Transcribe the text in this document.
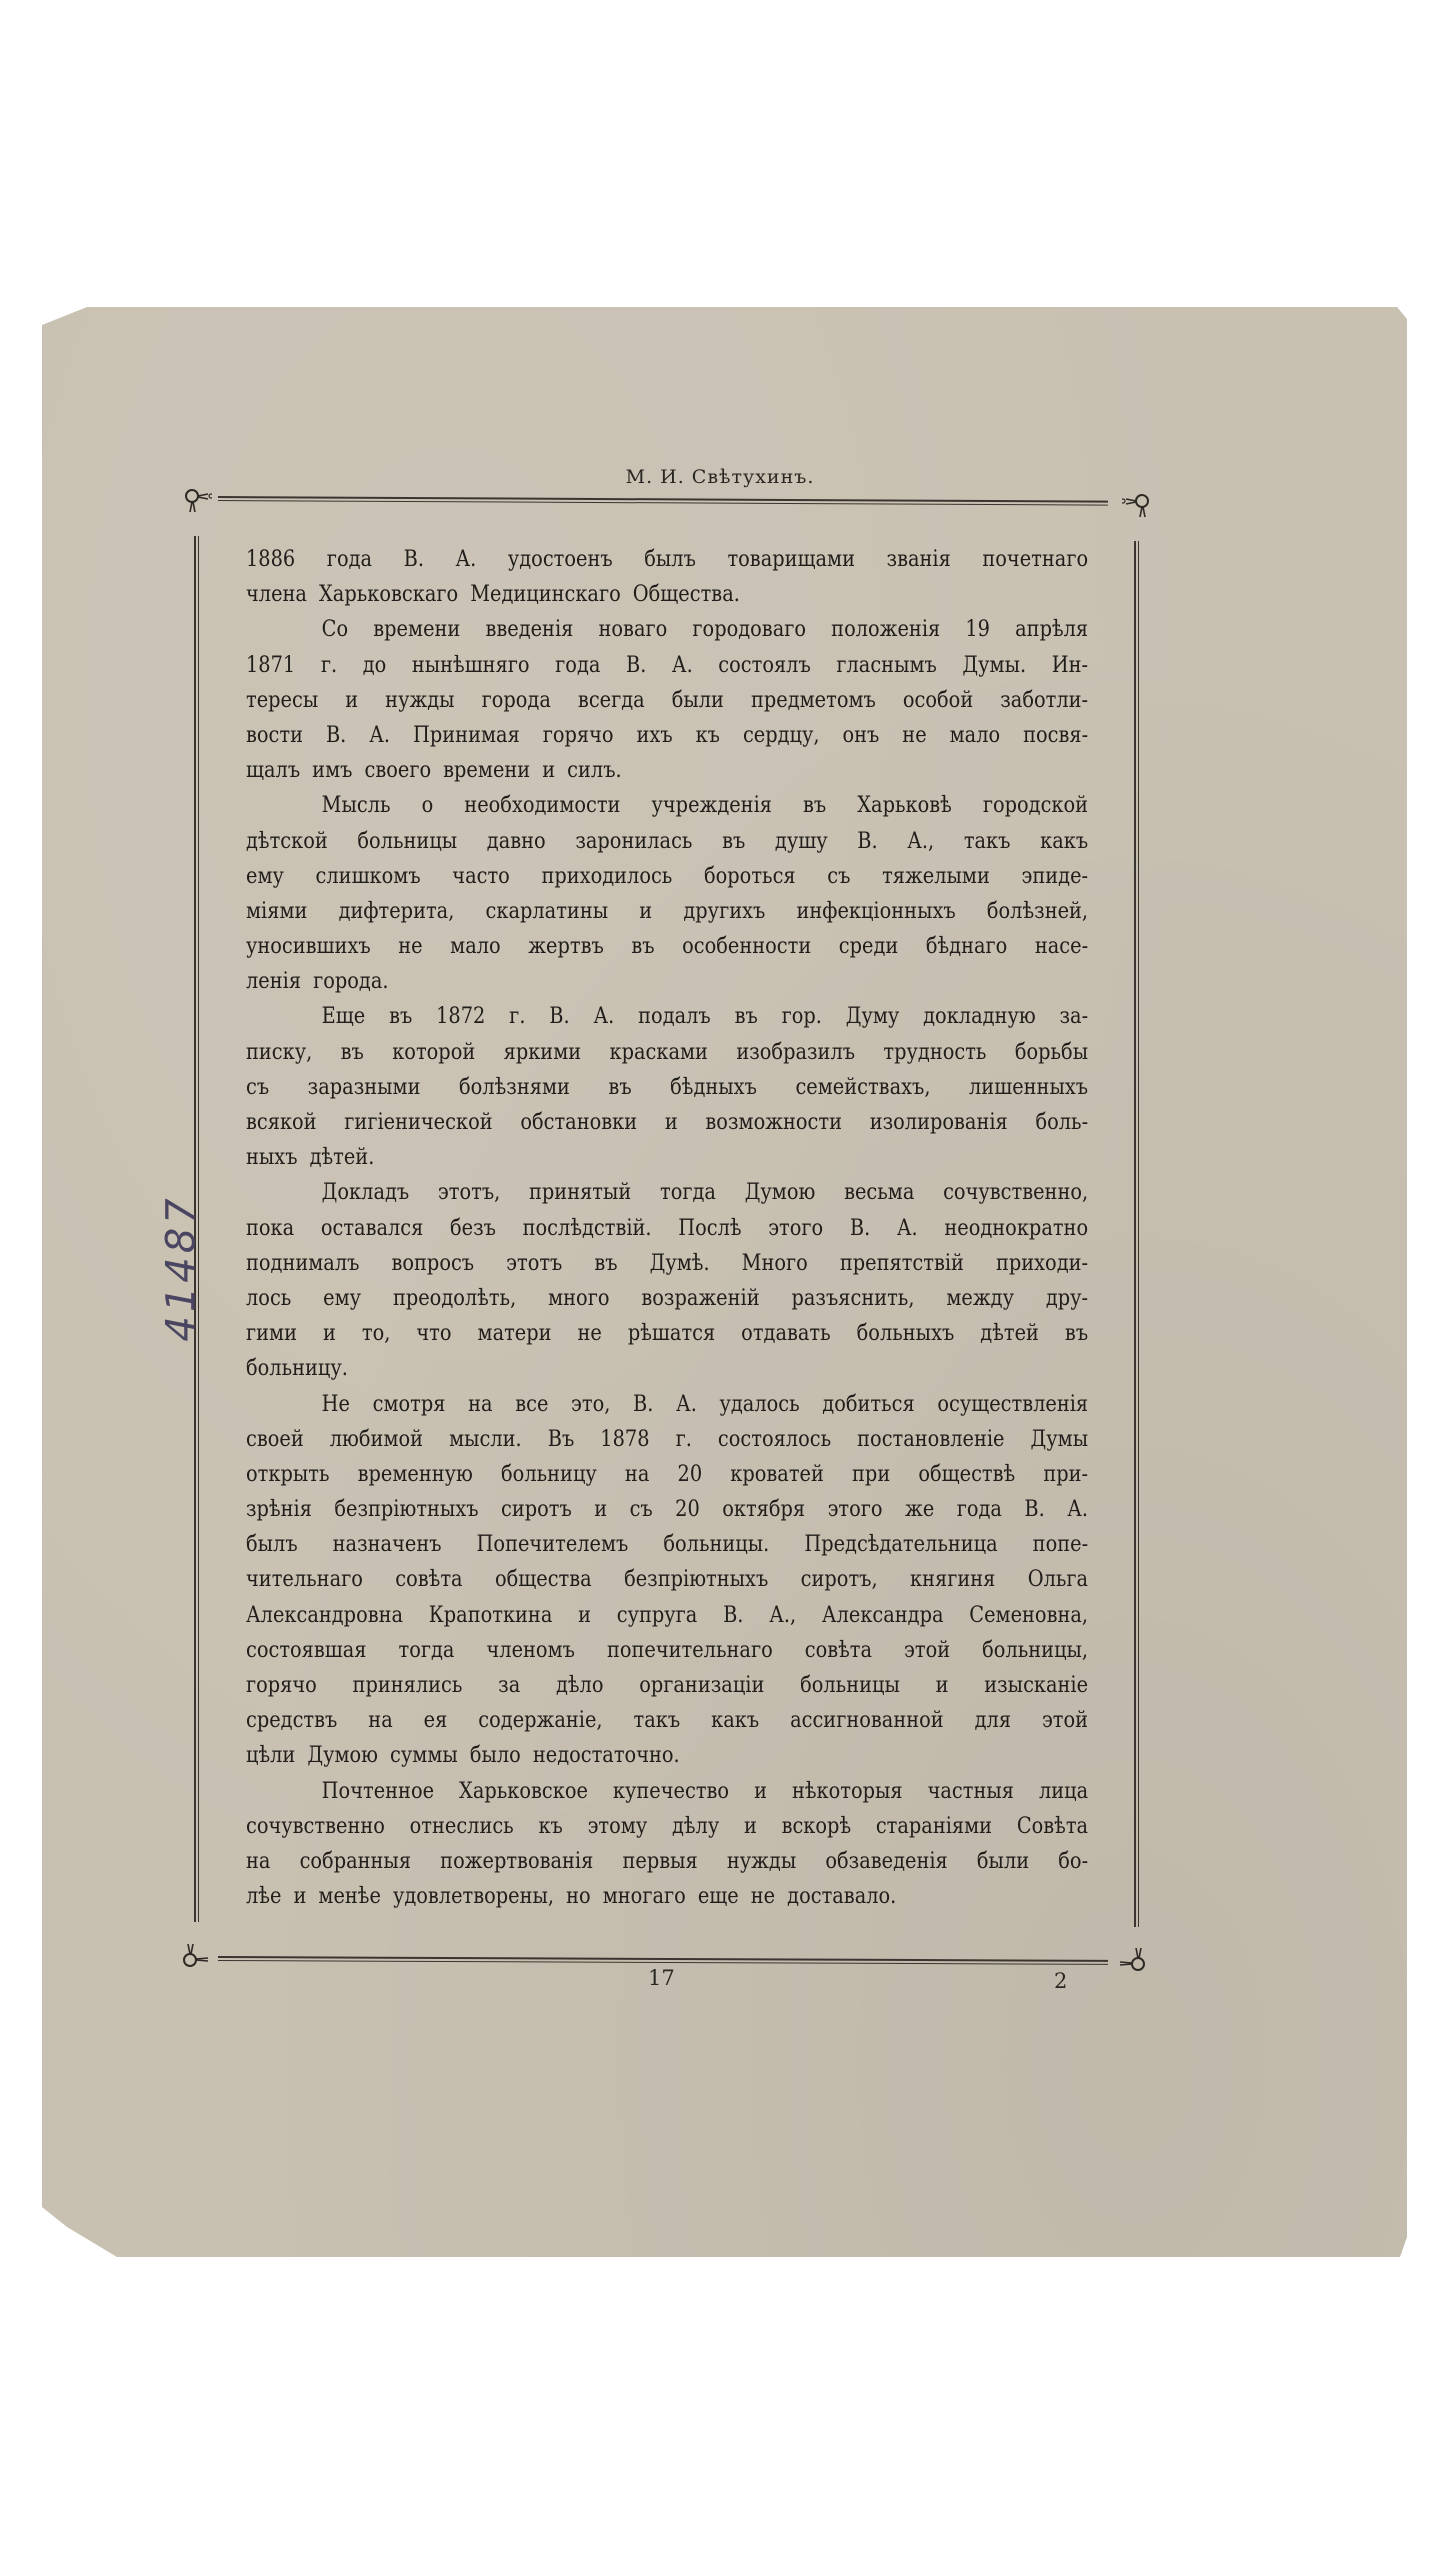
М. И. Свѣтухинъ.
1886 года В. А. удостоенъ былъ товарищами званія почетнаго
члена Харьковскаго Медицинскаго Общества.
Со времени введенія новаго городоваго положенія 19 апрѣля
1871 г. до нынѣшняго года В. А. состоялъ гласнымъ Думы. Ин-
тересы и нужды города всегда были предметомъ особой заботли-
вости В. А. Принимая горячо ихъ къ сердцу, онъ не мало посвя-
щалъ имъ своего времени и силъ.
Мысль о необходимости учрежденія въ Харьковѣ городской
дѣтской больницы давно заронилась въ душу В. А., такъ какъ
ему слишкомъ часто приходилось бороться съ тяжелыми эпиде-
міями дифтерита, скарлатины и другихъ инфекціонныхъ болѣзней,
уносившихъ не мало жертвъ въ особенности среди бѣднаго насе-
ленія города.
Еще въ 1872 г. В. А. подалъ въ гор. Думу докладную за-
писку, въ которой яркими красками изобразилъ трудность борьбы
съ заразными болѣзнями въ бѣдныхъ семействахъ, лишенныхъ
всякой гигіенической обстановки и возможности изолированія боль-
ныхъ дѣтей.
Докладъ этотъ, принятый тогда Думою весьма сочувственно,
пока оставался безъ послѣдствій. Послѣ этого В. А. неоднократно
поднималъ вопросъ этотъ въ Думѣ. Много препятствій приходи-
лось ему преодолѣть, много возраженій разъяснить, между дру-
гими и то, что матери не рѣшатся отдавать больныхъ дѣтей въ
больницу.
Не смотря на все это, В. А. удалось добиться осуществленія
своей любимой мысли. Въ 1878 г. состоялось постановленіе Думы
открыть временную больницу на 20 кроватей при обществѣ при-
зрѣнія безпріютныхъ сиротъ и съ 20 октября этого же года В. А.
былъ назначенъ Попечителемъ больницы. Предсѣдательница попе-
чительнаго совѣта общества безпріютныхъ сиротъ, княгиня Ольга
Александровна Крапоткина и супруга В. А., Александра Семеновна,
состоявшая тогда членомъ попечительнаго совѣта этой больницы,
горячо принялись за дѣло организаціи больницы и изысканіе
средствъ на ея содержаніе, такъ какъ ассигнованной для этой
цѣли Думою суммы было недостаточно.
Почтенное Харьковское купечество и нѣкоторыя частныя лица
сочувственно отнеслись къ этому дѣлу и вскорѣ стараніями Совѣта
на собранныя пожертвованія первыя нужды обзаведенія были бо-
лѣе и менѣе удовлетворены, но многаго еще не доставало.
17	2
41487
